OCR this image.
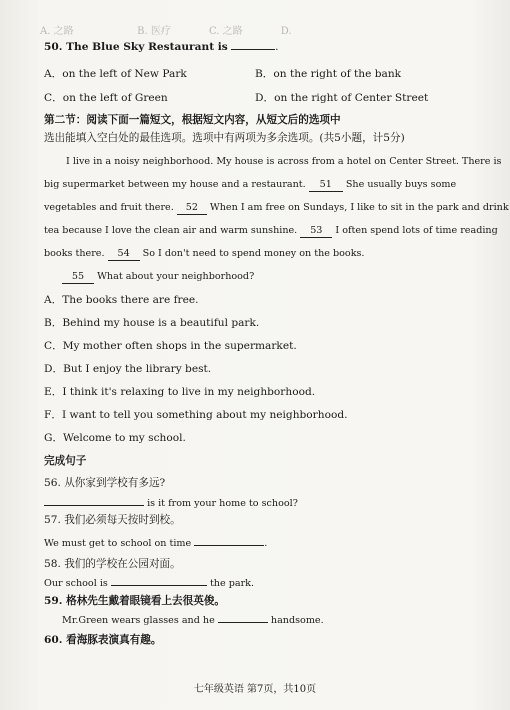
A. 之路                    B. 医疗            C. 之路            D.
50. The Blue Sky Restaurant is	.
A．on the left of New Park	B．on the right of the bank
C．on the left of Green	D．on the right of Center Street
第二节：阅读下面一篇短文，根据短文内容，从短文后的选项中
选出能填入空白处的最佳选项。选项中有两项为多余选项。(共5小题，计5分)
I live in a noisy neighborhood. My house is across from a hotel on Center Street. There is
big supermarket between my house and a restaurant. 51 She usually buys some
vegetables and fruit there. 52 When I am free on Sundays, I like to sit in the park and drink
tea because I love the clean air and warm sunshine. 53 I often spend lots of time reading
books there. 54 So I don't need to spend money on the books.
55 What about your neighborhood?
A．The books there are free.
B．Behind my house is a beautiful park.
C．My mother often shops in the supermarket.
D．But I enjoy the library best.
E．I think it's relaxing to live in my neighborhood.
F．I want to tell you something about my neighborhood.
G．Welcome to my school.
完成句子
56. 从你家到学校有多远?
is it from your home to school?
57. 我们必须每天按时到校。
We must get to school on time	.
58. 我们的学校在公园对面。
Our school is	the park.
59. 格林先生戴着眼镜看上去很英俊。
Mr.Green wears glasses and he	handsome.
60. 看海豚表演真有趣。
七年级英语 第7页，共10页
